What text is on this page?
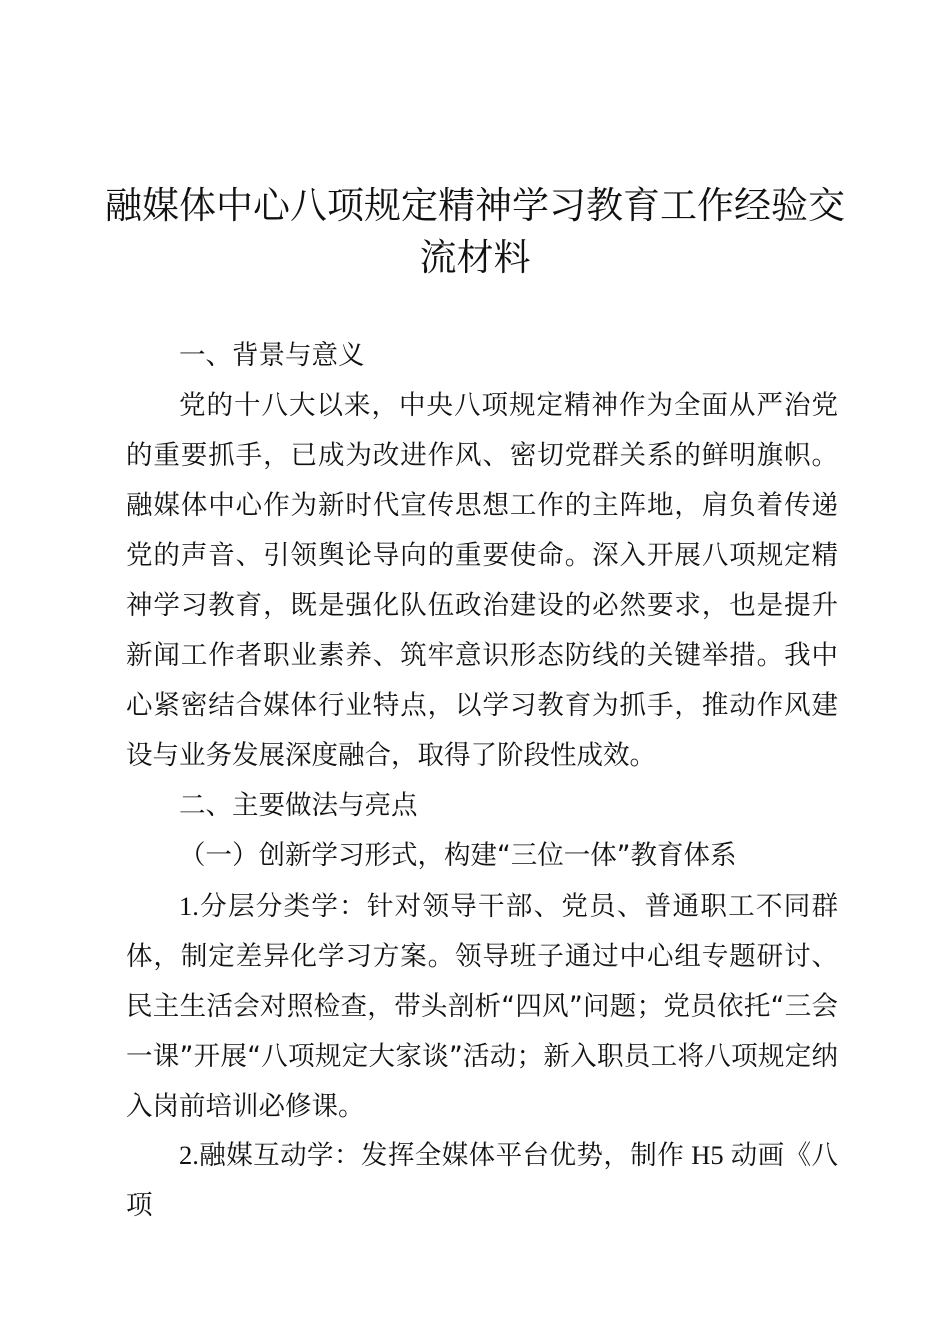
融媒体中心八项规定精神学习教育工作经验交
流材料

一、背景与意义

党的十八大以来，中央八项规定精神作为全面从严治党的重要抓手，已成为改进作风、密切党群关系的鲜明旗帜。融媒体中心作为新时代宣传思想工作的主阵地，肩负着传递党的声音、引领舆论导向的重要使命。深入开展八项规定精神学习教育，既是强化队伍政治建设的必然要求，也是提升新闻工作者职业素养、筑牢意识形态防线的关键举措。我中心紧密结合媒体行业特点，以学习教育为抓手，推动作风建设与业务发展深度融合，取得了阶段性成效。

二、主要做法与亮点

（一）创新学习形式，构建“三位一体”教育体系

1.分层分类学：针对领导干部、党员、普通职工不同群体，制定差异化学习方案。领导班子通过中心组专题研讨、民主生活会对照检查，带头剖析“四风”问题；党员依托“三会一课”开展“八项规定大家谈”活动；新入职员工将八项规定纳入岗前培训必修课。

2.融媒互动学：发挥全媒体平台优势，制作 H5 动画《八项
